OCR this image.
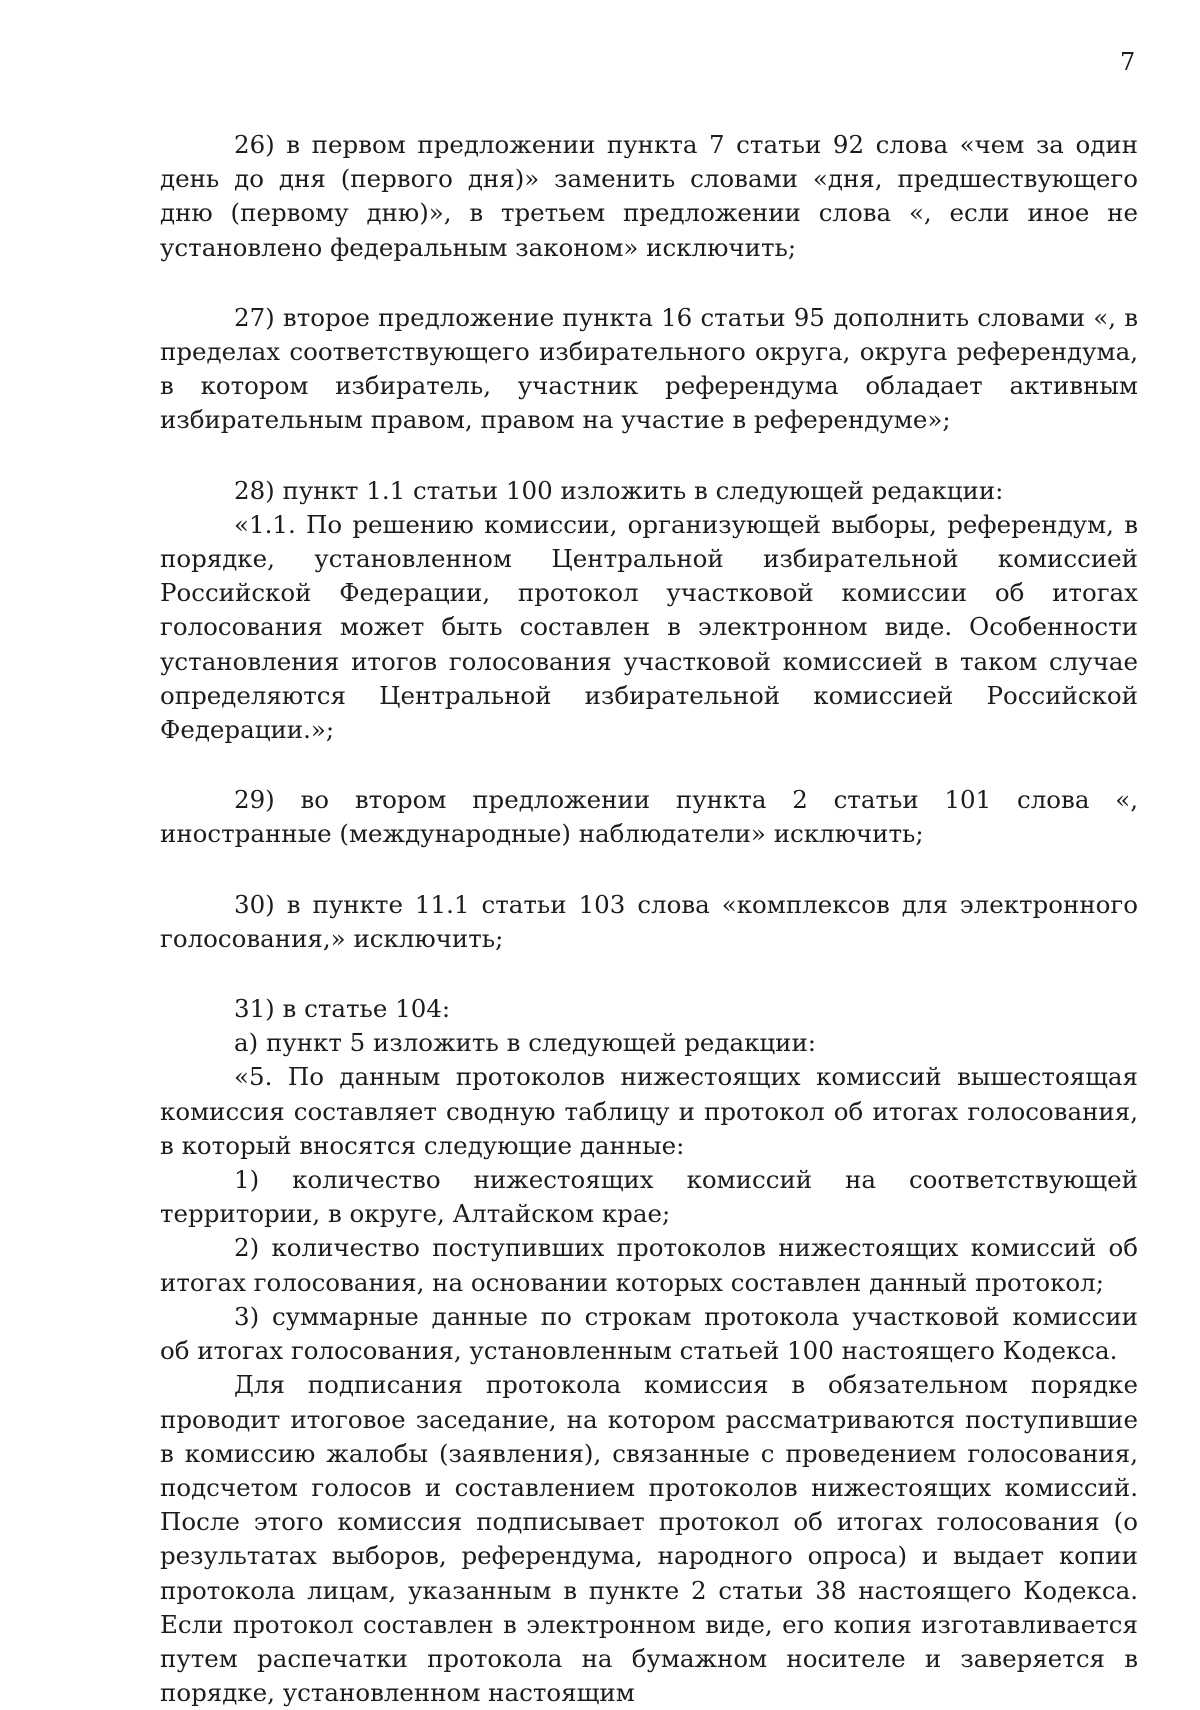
7

26) в первом предложении пункта 7 статьи 92 слова «чем за один день до дня (первого дня)» заменить словами «дня, предшествующего дню (первому дню)», в третьем предложении слова «, если иное не установлено федеральным законом» исключить;

27) второе предложение пункта 16 статьи 95 дополнить словами «, в пределах соответствующего избирательного округа, округа референдума, в котором избиратель, участник референдума обладает активным избирательным правом, правом на участие в референдуме»;

28) пункт 1.1 статьи 100 изложить в следующей редакции:

«1.1. По решению комиссии, организующей выборы, референдум, в порядке, установленном Центральной избирательной комиссией Российской Федерации, протокол участковой комиссии об итогах голосования может быть составлен в электронном виде. Особенности установления итогов голосования участковой комиссией в таком случае определяются Центральной избирательной комиссией Российской Федерации.»;

29) во втором предложении пункта 2 статьи 101 слова «, иностранные (международные) наблюдатели» исключить;

30) в пункте 11.1 статьи 103 слова «комплексов для электронного голосования,» исключить;

31) в статье 104:

а) пункт 5 изложить в следующей редакции:

«5. По данным протоколов нижестоящих комиссий вышестоящая комиссия составляет сводную таблицу и протокол об итогах голосования, в который вносятся следующие данные:

1) количество нижестоящих комиссий на соответствующей территории, в округе, Алтайском крае;

2) количество поступивших протоколов нижестоящих комиссий об итогах голосования, на основании которых составлен данный протокол;

3) суммарные данные по строкам протокола участковой комиссии об итогах голосования, установленным статьей 100 настоящего Кодекса.

Для подписания протокола комиссия в обязательном порядке проводит итоговое заседание, на котором рассматриваются поступившие в комиссию жалобы (заявления), связанные с проведением голосования, подсчетом голосов и составлением протоколов нижестоящих комиссий. После этого комиссия подписывает протокол об итогах голосования (о результатах выборов, референдума, народного опроса) и выдает копии протокола лицам, указанным в пункте 2 статьи 38 настоящего Кодекса. Если протокол составлен в электронном виде, его копия изготавливается путем распечатки протокола на бумажном носителе и заверяется в порядке, установленном настоящим
